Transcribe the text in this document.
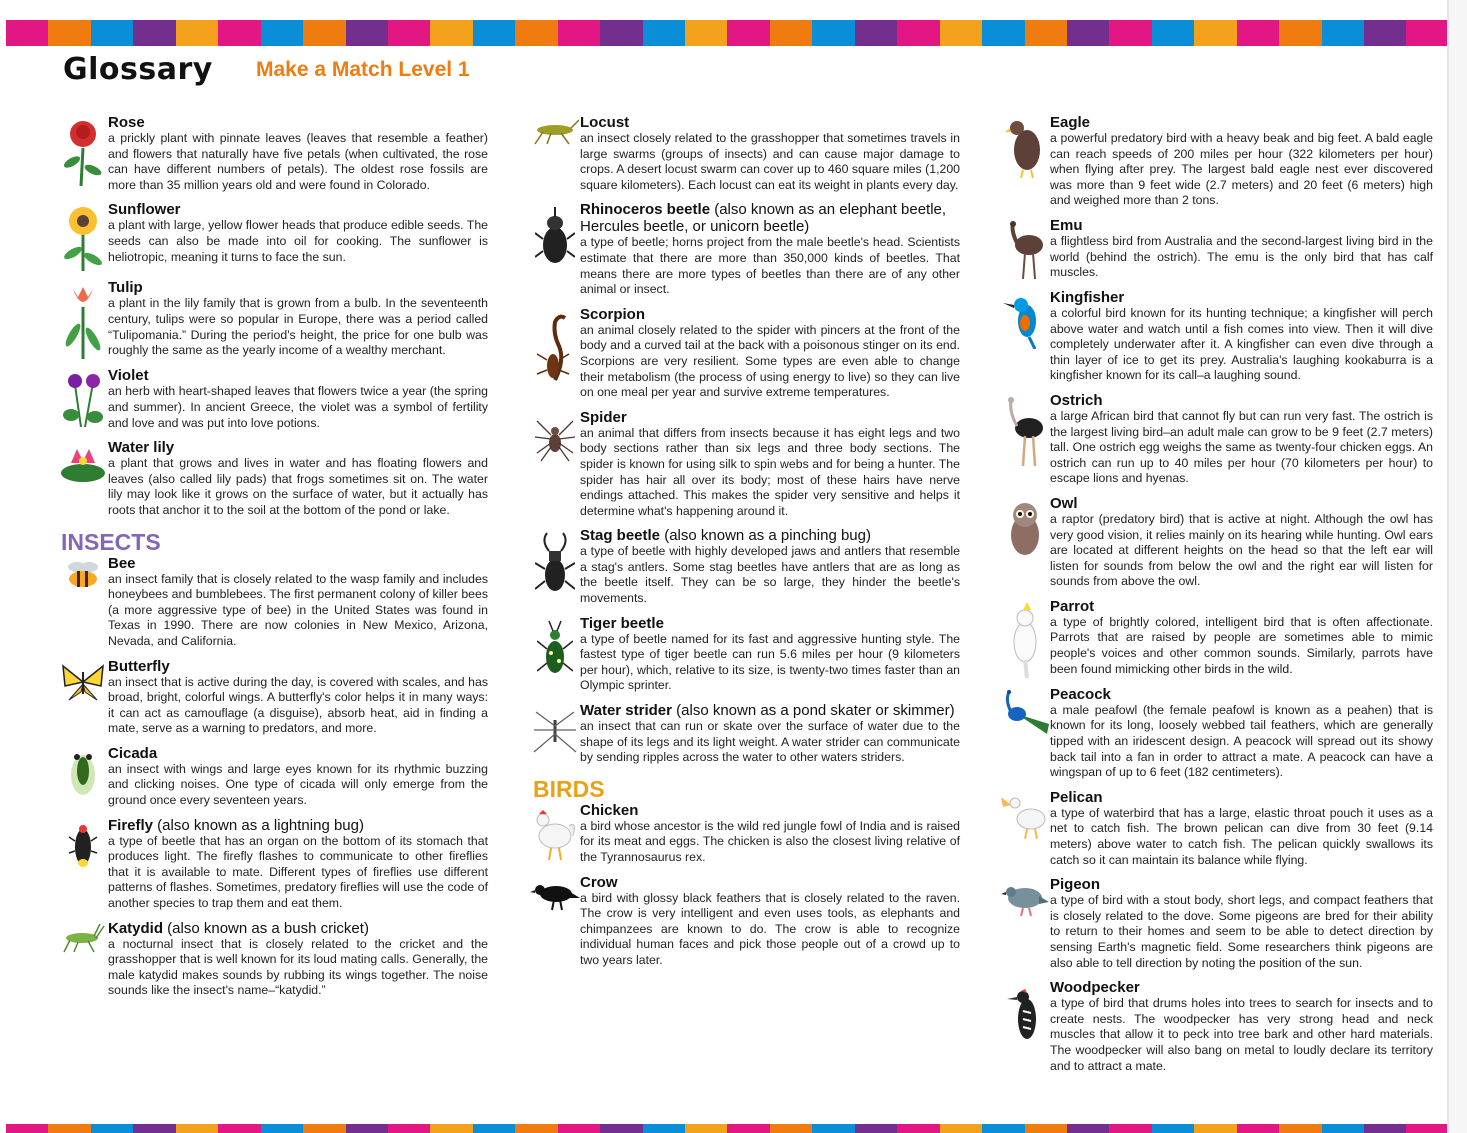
Glossary Make a Match Level 1

Rose

a prickly plant with pinnate leaves (leaves that resemble a feather) and flowers that naturally have five petals (when cultivated, the rose can have different numbers of petals). The oldest rose fossils are more than 35 million years old and were found in Colorado.

Sunflower

a plant with large, yellow flower heads that produce edible seeds. The seeds can also be made into oil for cooking. The sunflower is heliotropic, meaning it turns to face the sun.

Tulip

a plant in the lily family that is grown from a bulb. In the seventeenth century, tulips were so popular in Europe, there was a period called “Tulipomania.” During the period's height, the price for one bulb was roughly the same as the yearly income of a wealthy merchant.

Violet

an herb with heart-shaped leaves that flowers twice a year (the spring and summer). In ancient Greece, the violet was a symbol of fertility and love and was put into love potions.

Water lily

a plant that grows and lives in water and has floating flowers and leaves (also called lily pads) that frogs sometimes sit on. The water lily may look like it grows on the surface of water, but it actually has roots that anchor it to the soil at the bottom of the pond or lake.

INSECTS

Bee

an insect family that is closely related to the wasp family and includes honeybees and bumblebees. The first permanent colony of killer bees (a more aggressive type of bee) in the United States was found in Texas in 1990. There are now colonies in New Mexico, Arizona, Nevada, and California.

Butterfly

an insect that is active during the day, is covered with scales, and has broad, bright, colorful wings. A butterfly's color helps it in many ways: it can act as camouflage (a disguise), absorb heat, aid in finding a mate, serve as a warning to predators, and more.

Cicada

an insect with wings and large eyes known for its rhythmic buzzing and clicking noises. One type of cicada will only emerge from the ground once every seventeen years.

Firefly (also known as a lightning bug)

a type of beetle that has an organ on the bottom of its stomach that produces light. The firefly flashes to communicate to other fireflies that it is available to mate. Different types of fireflies use different patterns of flashes. Sometimes, predatory fireflies will use the code of another species to trap them and eat them.

Katydid (also known as a bush cricket)

a nocturnal insect that is closely related to the cricket and the grasshopper that is well known for its loud mating calls. Generally, the male katydid makes sounds by rubbing its wings together. The noise sounds like the insect's name–“katydid.”

Locust

an insect closely related to the grasshopper that sometimes travels in large swarms (groups of insects) and can cause major damage to crops. A desert locust swarm can cover up to 460 square miles (1,200 square kilometers). Each locust can eat its weight in plants every day.

Rhinoceros beetle (also known as an elephant beetle, Hercules beetle, or unicorn beetle)

a type of beetle; horns project from the male beetle's head. Scientists estimate that there are more than 350,000 kinds of beetles. That means there are more types of beetles than there are of any other animal or insect.

Scorpion

an animal closely related to the spider with pincers at the front of the body and a curved tail at the back with a poisonous stinger on its end. Scorpions are very resilient. Some types are even able to change their metabolism (the process of using energy to live) so they can live on one meal per year and survive extreme temperatures.

Spider

an animal that differs from insects because it has eight legs and two body sections rather than six legs and three body sections. The spider is known for using silk to spin webs and for being a hunter. The spider has hair all over its body; most of these hairs have nerve endings attached. This makes the spider very sensitive and helps it determine what's happening around it.

Stag beetle (also known as a pinching bug)

a type of beetle with highly developed jaws and antlers that resemble a stag's antlers. Some stag beetles have antlers that are as long as the beetle itself. They can be so large, they hinder the beetle's movements.

Tiger beetle

a type of beetle named for its fast and aggressive hunting style. The fastest type of tiger beetle can run 5.6 miles per hour (9 kilometers per hour), which, relative to its size, is twenty-two times faster than an Olympic sprinter.

Water strider (also known as a pond skater or skimmer)

an insect that can run or skate over the surface of water due to the shape of its legs and its light weight. A water strider can communicate by sending ripples across the water to other waters striders.

BIRDS

Chicken

a bird whose ancestor is the wild red jungle fowl of India and is raised for its meat and eggs. The chicken is also the closest living relative of the Tyrannosaurus rex.

Crow

a bird with glossy black feathers that is closely related to the raven. The crow is very intelligent and even uses tools, as elephants and chimpanzees are known to do. The crow is able to recognize individual human faces and pick those people out of a crowd up to two years later.

Eagle

a powerful predatory bird with a heavy beak and big feet. A bald eagle can reach speeds of 200 miles per hour (322 kilometers per hour) when flying after prey. The largest bald eagle nest ever discovered was more than 9 feet wide (2.7 meters) and 20 feet (6 meters) high and weighed more than 2 tons.

Emu

a flightless bird from Australia and the second-largest living bird in the world (behind the ostrich). The emu is the only bird that has calf muscles.

Kingfisher

a colorful bird known for its hunting technique; a kingfisher will perch above water and watch until a fish comes into view. Then it will dive completely underwater after it. A kingfisher can even dive through a thin layer of ice to get its prey. Australia's laughing kookaburra is a kingfisher known for its call–a laughing sound.

Ostrich

a large African bird that cannot fly but can run very fast. The ostrich is the largest living bird–an adult male can grow to be 9 feet (2.7 meters) tall. One ostrich egg weighs the same as twenty-four chicken eggs. An ostrich can run up to 40 miles per hour (70 kilometers per hour) to escape lions and hyenas.

Owl

a raptor (predatory bird) that is active at night. Although the owl has very good vision, it relies mainly on its hearing while hunting. Owl ears are located at different heights on the head so that the left ear will listen for sounds from below the owl and the right ear will listen for sounds from above the owl.

Parrot

a type of brightly colored, intelligent bird that is often affectionate. Parrots that are raised by people are sometimes able to mimic people's voices and other common sounds. Similarly, parrots have been found mimicking other birds in the wild.

Peacock

a male peafowl (the female peafowl is known as a peahen) that is known for its long, loosely webbed tail feathers, which are generally tipped with an iridescent design. A peacock will spread out its showy back tail into a fan in order to attract a mate. A peacock can have a wingspan of up to 6 feet (182 centimeters).

Pelican

a type of waterbird that has a large, elastic throat pouch it uses as a net to catch fish. The brown pelican can dive from 30 feet (9.14 meters) above water to catch fish. The pelican quickly swallows its catch so it can maintain its balance while flying.

Pigeon

a type of bird with a stout body, short legs, and compact feathers that is closely related to the dove. Some pigeons are bred for their ability to return to their homes and seem to be able to detect direction by sensing Earth's magnetic field. Some researchers think pigeons are also able to tell direction by noting the position of the sun.

Woodpecker

a type of bird that drums holes into trees to search for insects and to create nests. The woodpecker has very strong head and neck muscles that allow it to peck into tree bark and other hard materials. The woodpecker will also bang on metal to loudly declare its territory and to attract a mate.
